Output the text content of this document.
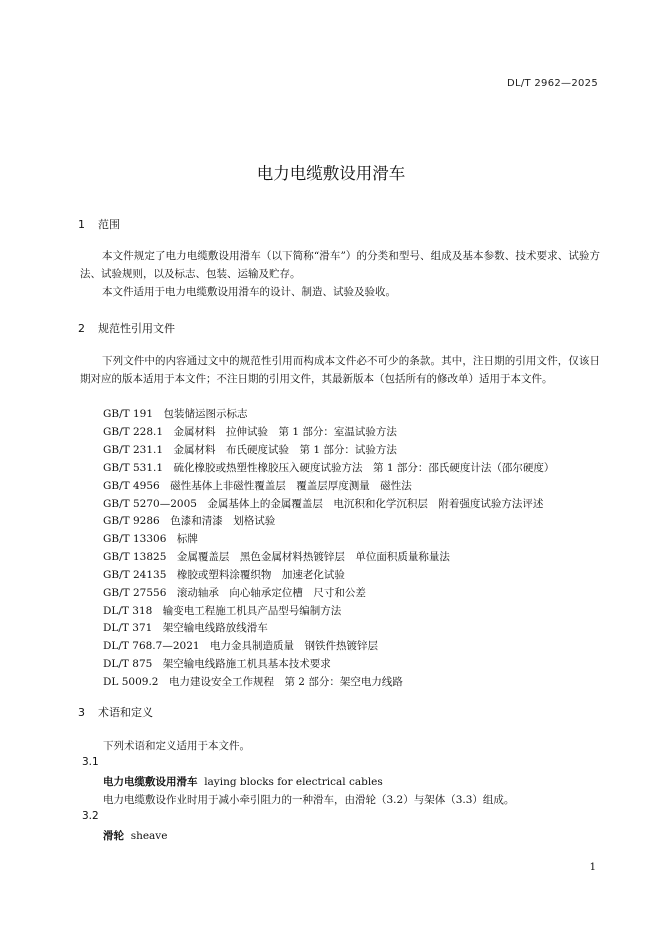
DL/T 2962—2025
电力电缆敷设用滑车
1 范围
本文件规定了电力电缆敷设用滑车（以下简称“滑车”）的分类和型号、组成及基本参数、技术要求、试验方法、试验规则，以及标志、包装、运输及贮存。
本文件适用于电力电缆敷设用滑车的设计、制造、试验及验收。
2 规范性引用文件
下列文件中的内容通过文中的规范性引用而构成本文件必不可少的条款。其中，注日期的引用文件，仅该日期对应的版本适用于本文件；不注日期的引用文件，其最新版本（包括所有的修改单）适用于本文件。
GB/T 191　包装储运图示标志
GB/T 228.1　金属材料　拉伸试验　第 1 部分：室温试验方法
GB/T 231.1　金属材料　布氏硬度试验　第 1 部分：试验方法
GB/T 531.1　硫化橡胶或热塑性橡胶压入硬度试验方法　第 1 部分：邵氏硬度计法（邵尔硬度）
GB/T 4956　磁性基体上非磁性覆盖层　覆盖层厚度测量　磁性法
GB/T 5270—2005　金属基体上的金属覆盖层　电沉积和化学沉积层　附着强度试验方法评述
GB/T 9286　色漆和清漆　划格试验
GB/T 13306　标牌
GB/T 13825　金属覆盖层　黑色金属材料热镀锌层　单位面积质量称量法
GB/T 24135　橡胶或塑料涂覆织物　加速老化试验
GB/T 27556　滚动轴承　向心轴承定位槽　尺寸和公差
DL/T 318　输变电工程施工机具产品型号编制方法
DL/T 371　架空输电线路放线滑车
DL/T 768.7—2021　电力金具制造质量　钢铁件热镀锌层
DL/T 875　架空输电线路施工机具基本技术要求
DL 5009.2　电力建设安全工作规程　第 2 部分：架空电力线路
3 术语和定义
下列术语和定义适用于本文件。
3.1
电力电缆敷设用滑车 laying blocks for electrical cables
电力电缆敷设作业时用于减小牵引阻力的一种滑车，由滑轮（3.2）与架体（3.3）组成。
3.2
滑轮 sheave
1
